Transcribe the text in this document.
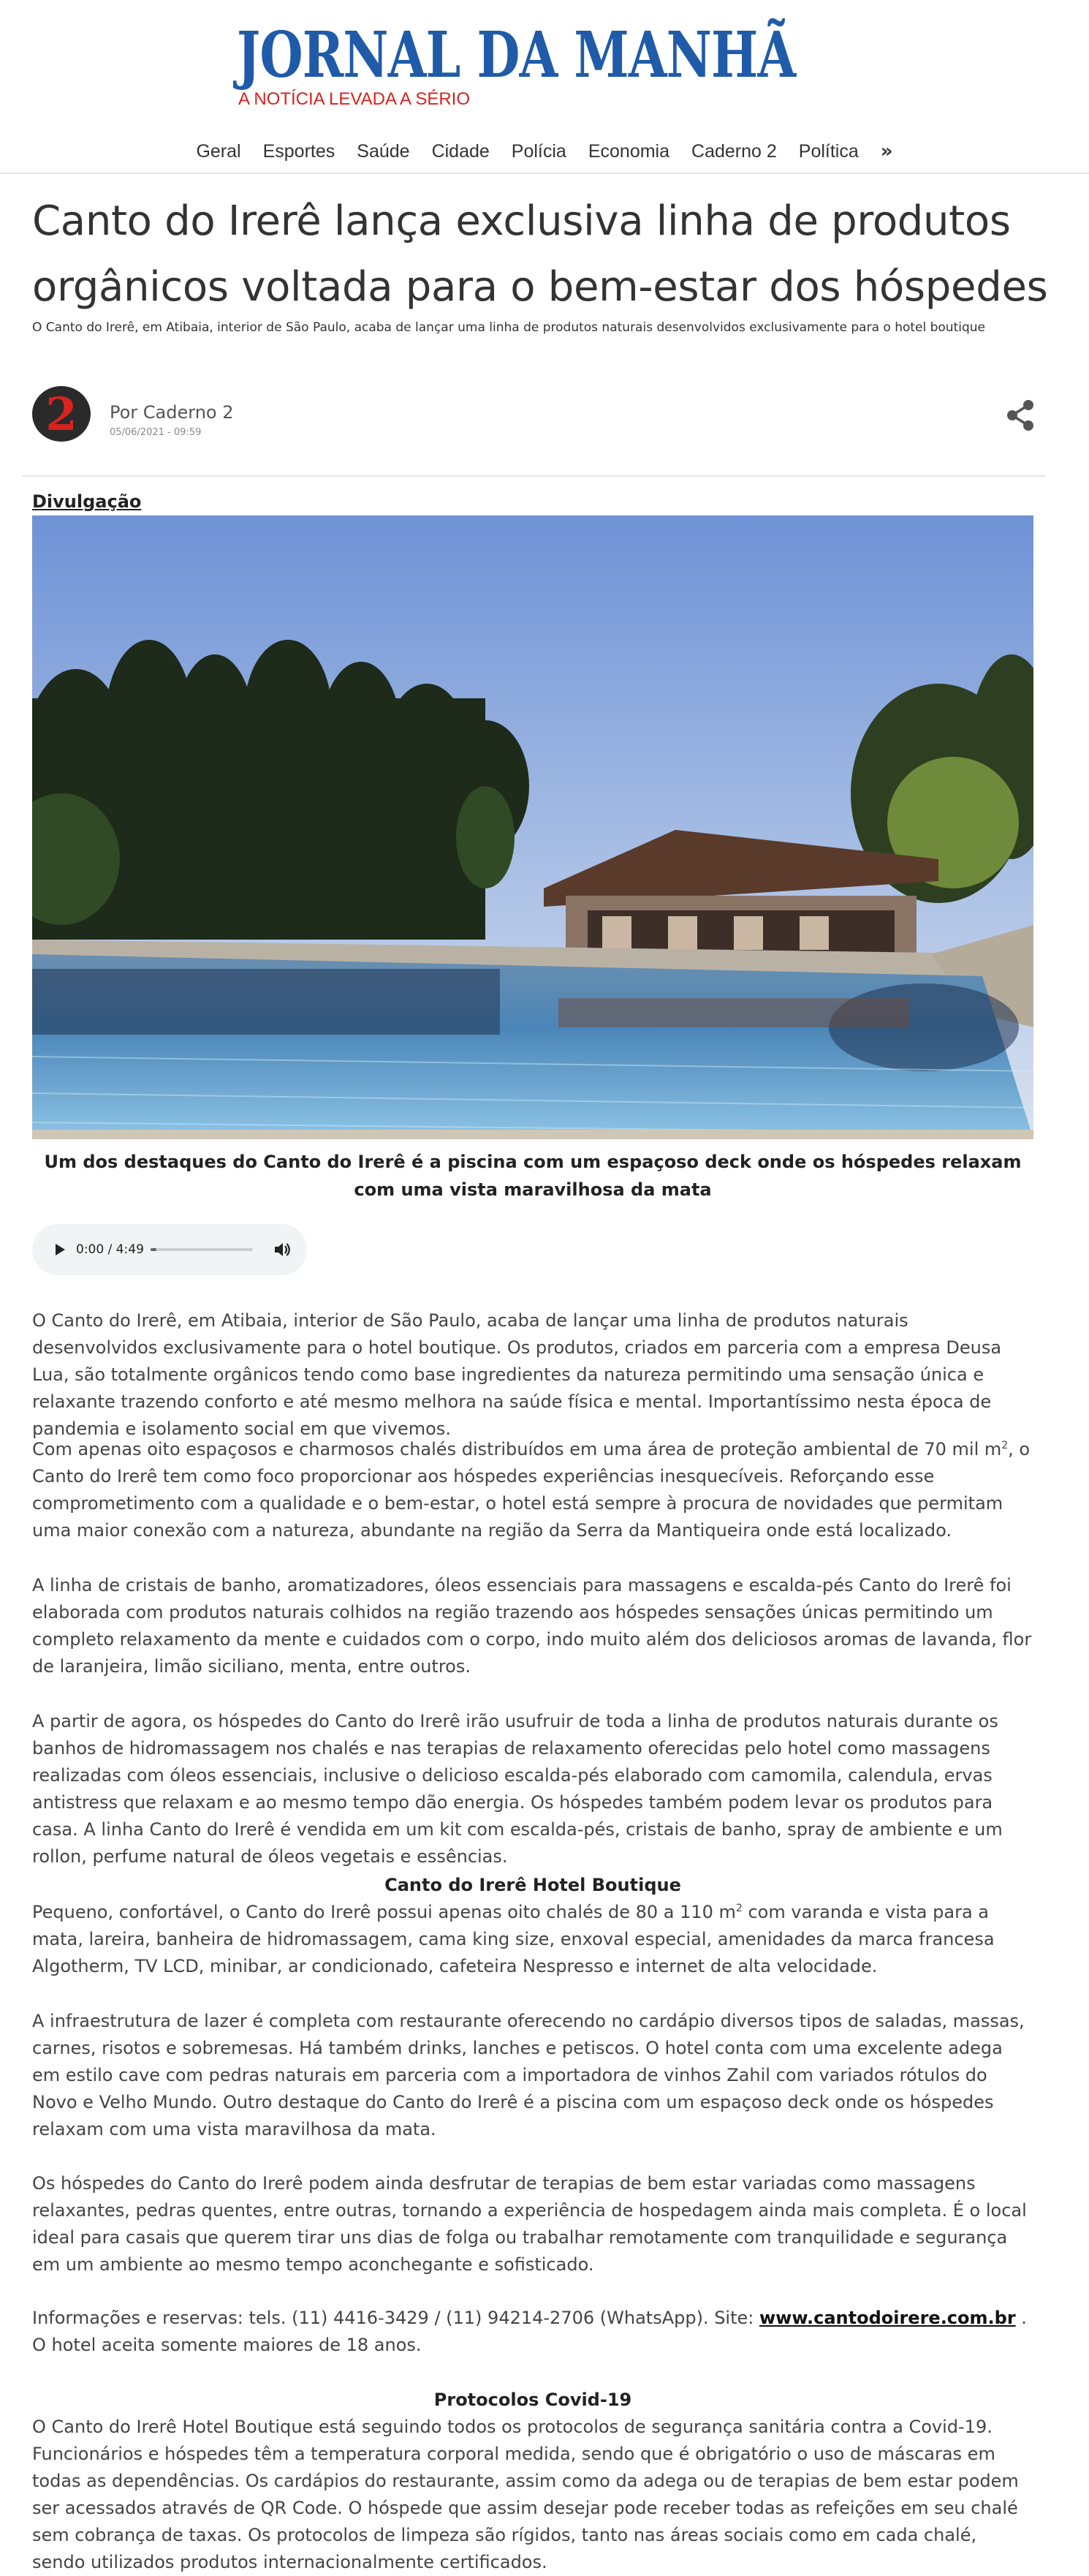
JORNAL DA MANHÃ
A NOTÍCIA LEVADA A SÉRIO
Geral Esportes Saúde Cidade Polícia Economia Caderno 2 Política »
Canto do Irerê lança exclusiva linha de produtos orgânicos voltada para o bem-estar dos hóspedes
O Canto do Irerê, em Atibaia, interior de São Paulo, acaba de lançar uma linha de produtos naturais desenvolvidos exclusivamente para o hotel boutique
2	Por Caderno 2
05/06/2021 - 09:59
Divulgação
Um dos destaques do Canto do Irerê é a piscina com um espaçoso deck onde os hóspedes relaxam com uma vista maravilhosa da mata
0:00 / 4:49

O Canto do Irerê, em Atibaia, interior de São Paulo, acaba de lançar uma linha de produtos naturais desenvolvidos exclusivamente para o hotel boutique. Os produtos, criados em parceria com a empresa Deusa Lua, são totalmente orgânicos tendo como base ingredientes da natureza permitindo uma sensação única e relaxante trazendo conforto e até mesmo melhora na saúde física e mental. Importantíssimo nesta época de pandemia e isolamento social em que vivemos.

Com apenas oito espaçosos e charmosos chalés distribuídos em uma área de proteção ambiental de 70 mil $m^2$, o Canto do Irerê tem como foco proporcionar aos hóspedes experiências inesquecíveis. Reforçando esse comprometimento com a qualidade e o bem-estar, o hotel está sempre à procura de novidades que permitam uma maior conexão com a natureza, abundante na região da Serra da Mantiqueira onde está localizado.

A linha de cristais de banho, aromatizadores, óleos essenciais para massagens e escalda-pés Canto do Irerê foi elaborada com produtos naturais colhidos na região trazendo aos hóspedes sensações únicas permitindo um completo relaxamento da mente e cuidados com o corpo, indo muito além dos deliciosos aromas de lavanda, flor de laranjeira, limão siciliano, menta, entre outros.

A partir de agora, os hóspedes do Canto do Irerê irão usufruir de toda a linha de produtos naturais durante os banhos de hidromassagem nos chalés e nas terapias de relaxamento oferecidas pelo hotel como massagens realizadas com óleos essenciais, inclusive o delicioso escalda-pés elaborado com camomila, calendula, ervas antistress que relaxam e ao mesmo tempo dão energia. Os hóspedes também podem levar os produtos para casa. A linha Canto do Irerê é vendida em um kit com escalda-pés, cristais de banho, spray de ambiente e um rollon, perfume natural de óleos vegetais e essências.

Canto do Irerê Hotel Boutique

Pequeno, confortável, o Canto do Irerê possui apenas oito chalés de 80 a 110 $m^2$ com varanda e vista para a mata, lareira, banheira de hidromassagem, cama king size, enxoval especial, amenidades da marca francesa Algotherm, TV LCD, minibar, ar condicionado, cafeteira Nespresso e internet de alta velocidade.

A infraestrutura de lazer é completa com restaurante oferecendo no cardápio diversos tipos de saladas, massas, carnes, risotos e sobremesas. Há também drinks, lanches e petiscos. O hotel conta com uma excelente adega em estilo cave com pedras naturais em parceria com a importadora de vinhos Zahil com variados rótulos do Novo e Velho Mundo. Outro destaque do Canto do Irerê é a piscina com um espaçoso deck onde os hóspedes relaxam com uma vista maravilhosa da mata.

Os hóspedes do Canto do Irerê podem ainda desfrutar de terapias de bem estar variadas como massagens relaxantes, pedras quentes, entre outras, tornando a experiência de hospedagem ainda mais completa. É o local ideal para casais que querem tirar uns dias de folga ou trabalhar remotamente com tranquilidade e segurança em um ambiente ao mesmo tempo aconchegante e sofisticado.

Informações e reservas: tels. (11) 4416-3429 / (11) 94214-2706 (WhatsApp). Site: www.cantodoirere.com.br . O hotel aceita somente maiores de 18 anos.

Protocolos Covid-19

O Canto do Irerê Hotel Boutique está seguindo todos os protocolos de segurança sanitária contra a Covid-19. Funcionários e hóspedes têm a temperatura corporal medida, sendo que é obrigatório o uso de máscaras em todas as dependências. Os cardápios do restaurante, assim como da adega ou de terapias de bem estar podem ser acessados através de QR Code. O hóspede que assim desejar pode receber todas as refeições em seu chalé sem cobrança de taxas. Os protocolos de limpeza são rígidos, tanto nas áreas sociais como em cada chalé, sendo utilizados produtos internacionalmente certificados.
